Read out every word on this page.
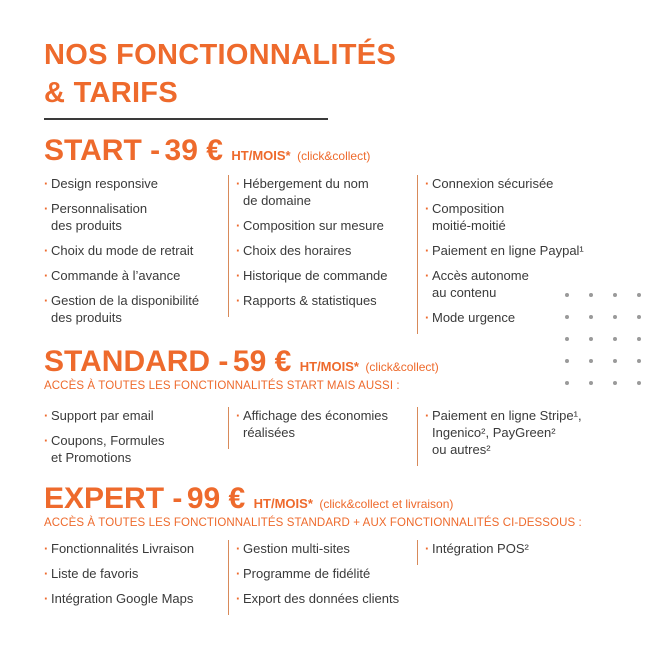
NOS FONCTIONNALITÉS
& TARIFS
START - 39 € HT/MOIS* (click&collect)
· Design responsive
· Personnalisation
des produits
· Choix du mode de retrait
· Commande à l’avance
· Gestion de la disponibilité
des produits
· Hébergement du nom
de domaine
· Composition sur mesure
· Choix des horaires
· Historique de commande
· Rapports & statistiques
· Connexion sécurisée
· Composition
moitié-moitié
· Paiement en ligne Paypal¹
· Accès autonome
au contenu
· Mode urgence
STANDARD - 59 € HT/MOIS* (click&collect)
ACCÈS À TOUTES LES FONCTIONNALITÉS START MAIS AUSSI :
· Support par email
· Coupons, Formules
et Promotions
· Affichage des économies
réalisées
· Paiement en ligne Stripe¹,
Ingenico², PayGreen²
ou autres²
EXPERT - 99 € HT/MOIS* (click&collect et livraison)
ACCÈS À TOUTES LES FONCTIONNALITÉS STANDARD + AUX FONCTIONNALITÉS CI-DESSOUS :
· Fonctionnalités Livraison
· Liste de favoris
· Intégration Google Maps
· Gestion multi-sites
· Programme de fidélité
· Export des données clients
· Intégration POS²
